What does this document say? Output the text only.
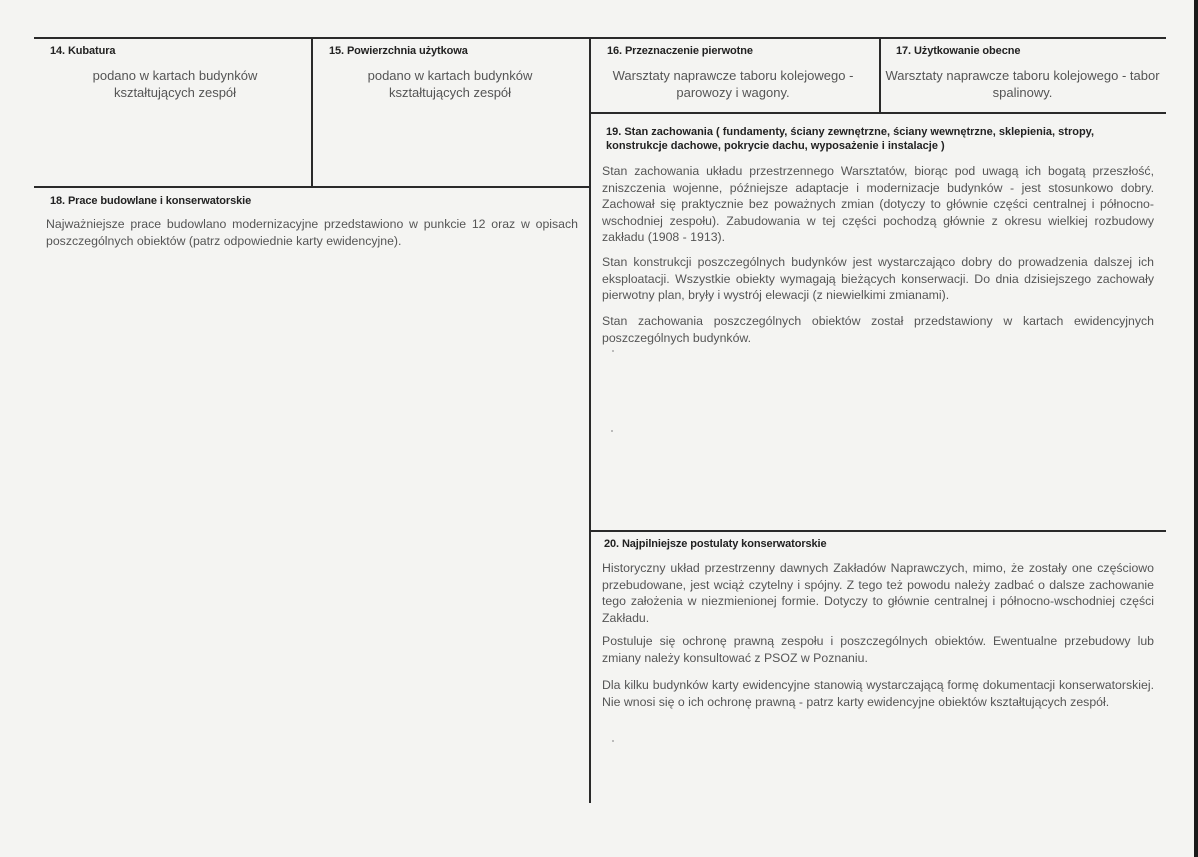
14. Kubatura
podano w kartach budynków kształtujących zespół
15. Powierzchnia użytkowa
podano w kartach budynków kształtujących zespół
16. Przeznaczenie pierwotne
Warsztaty naprawcze taboru kolejowego - parowozy i wagony.
17. Użytkowanie obecne
Warsztaty naprawcze taboru kolejowego - tabor spalinowy.
18. Prace budowlane i konserwatorskie

Najważniejsze prace budowlano modernizacyjne przedstawiono w punkcie 12 oraz w opisach poszczególnych obiektów (patrz odpowiednie karty ewidencyjne).

19. Stan zachowania ( fundamenty, ściany zewnętrzne, ściany wewnętrzne, sklepienia, stropy, konstrukcje dachowe, pokrycie dachu, wyposażenie i instalacje )

Stan zachowania układu przestrzennego Warsztatów, biorąc pod uwagą ich bogatą przeszłość, zniszczenia wojenne, późniejsze adaptacje i modernizacje budynków - jest stosunkowo dobry. Zachował się praktycznie bez poważnych zmian (dotyczy to głównie części centralnej i północno-wschodniej zespołu). Zabudowania w tej części pochodzą głównie z okresu wielkiej rozbudowy zakładu (1908 - 1913).

Stan konstrukcji poszczególnych budynków jest wystarczająco dobry do prowadzenia dalszej ich eksploatacji. Wszystkie obiekty wymagają bieżących konserwacji. Do dnia dzisiejszego zachowały pierwotny plan, bryły i wystrój elewacji (z niewielkimi zmianami).

Stan zachowania poszczególnych obiektów został przedstawiony w kartach ewidencyjnych poszczególnych budynków.

20. Najpilniejsze postulaty konserwatorskie

Historyczny układ przestrzenny dawnych Zakładów Naprawczych, mimo, że zostały one częściowo przebudowane, jest wciąż czytelny i spójny. Z tego też powodu należy zadbać o dalsze zachowanie tego założenia w niezmienionej formie. Dotyczy to głównie centralnej i północno-wschodniej części Zakładu.

Postuluje się ochronę prawną zespołu i poszczególnych obiektów. Ewentualne przebudowy lub zmiany należy konsultować z PSOZ w Poznaniu.

Dla kilku budynków karty ewidencyjne stanowią wystarczającą formę dokumentacji konserwatorskiej. Nie wnosi się o ich ochronę prawną - patrz karty ewidencyjne obiektów kształtujących zespół.
